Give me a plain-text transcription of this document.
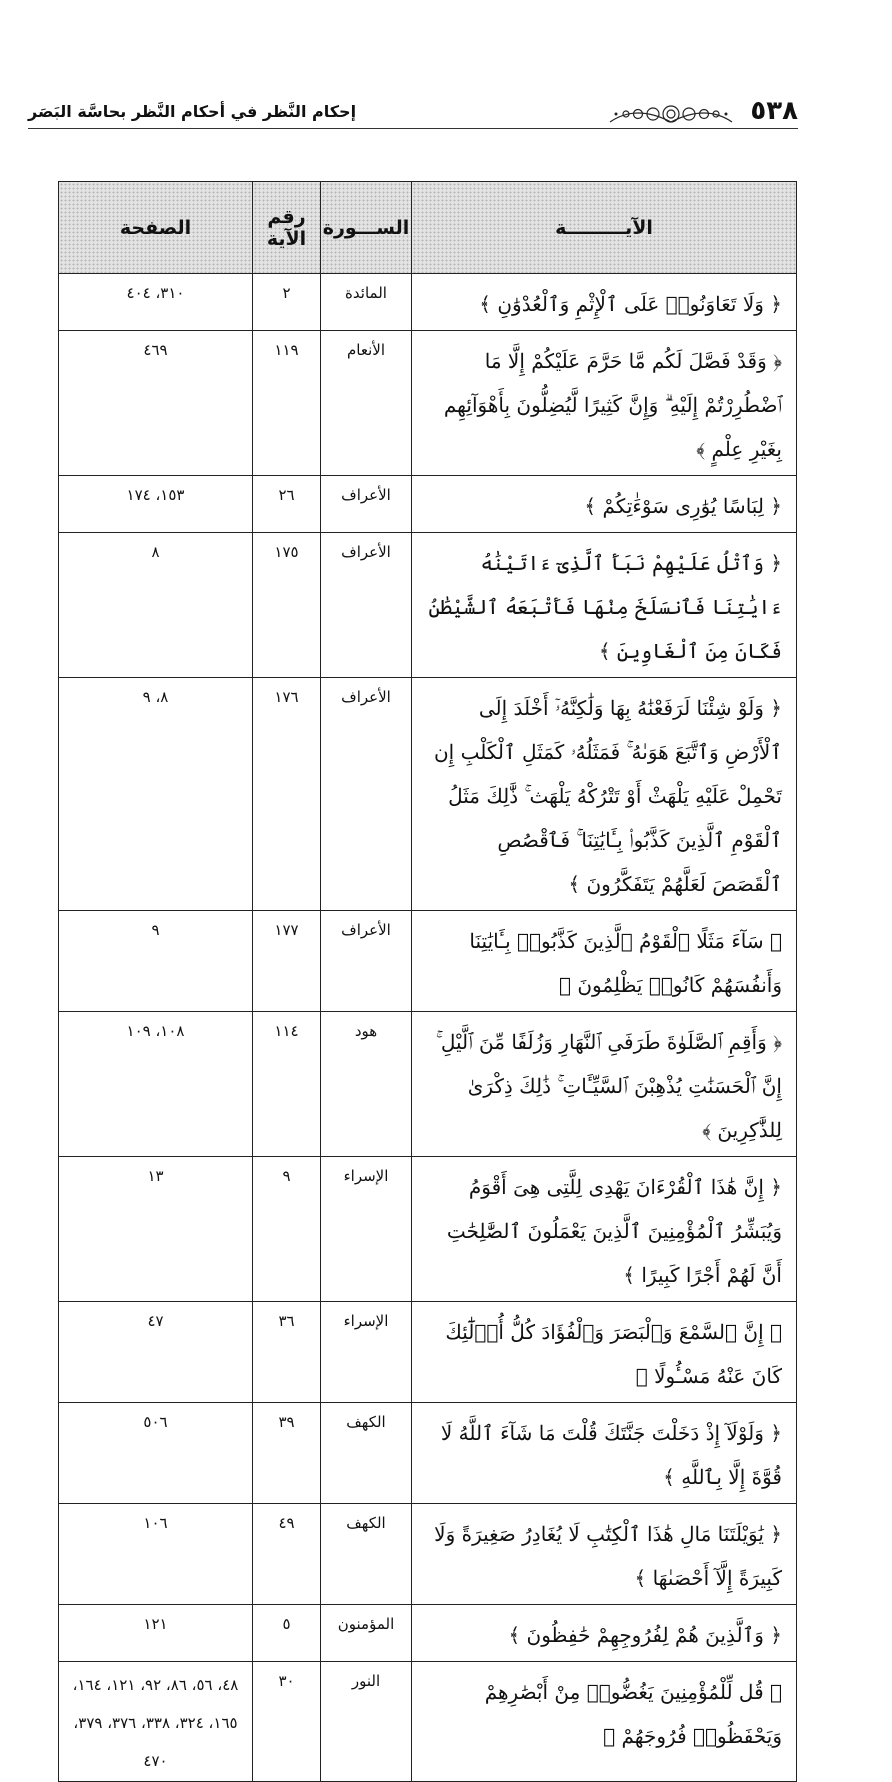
٥٣٨
إحكام النَّظر في أحكام النَّظر بحاسَّة البَصَر
الآيـــــــــة	الســـورة	رقم الآية	الصفحة
﴿ وَلَا تَعَاوَنُوا۟ عَلَى ٱلْإِثْمِ وَٱلْعُدْوَٰنِ ﴾	المائدة	٢	٣١٠، ٤٠٤
﴿ وَقَدْ فَصَّلَ لَكُم مَّا حَرَّمَ عَلَيْكُمْ إِلَّا مَا ٱضْطُرِرْتُمْ إِلَيْهِ ۗ وَإِنَّ كَثِيرًا لَّيُضِلُّونَ بِأَهْوَآئِهِم بِغَيْرِ عِلْمٍ ﴾	الأنعام	١١٩	٤٦٩
﴿ لِبَاسًا يُوَٰرِى سَوْءَٰتِكُمْ ﴾	الأعراف	٢٦	١٥٣، ١٧٤
﴿ وَٱتْلُ عَلَيْهِمْ نَبَأَ ٱلَّذِىٓ ءَاتَيْنَٰهُ ءَايَٰتِنَا فَٱنسَلَخَ مِنْهَا فَأَتْبَعَهُ ٱلشَّيْطَٰنُ فَكَانَ مِنَ ٱلْغَاوِينَ ﴾	الأعراف	١٧٥	٨
﴿ وَلَوْ شِئْنَا لَرَفَعْنَٰهُ بِهَا وَلَٰكِنَّهُۥٓ أَخْلَدَ إِلَى ٱلْأَرْضِ وَٱتَّبَعَ هَوَىٰهُ ۚ فَمَثَلُهُۥ كَمَثَلِ ٱلْكَلْبِ إِن تَحْمِلْ عَلَيْهِ يَلْهَثْ أَوْ تَتْرُكْهُ يَلْهَث ۚ ذَّٰلِكَ مَثَلُ ٱلْقَوْمِ ٱلَّذِينَ كَذَّبُوا۟ بِـَٔايَٰتِنَا ۚ فَٱقْصُصِ ٱلْقَصَصَ لَعَلَّهُمْ يَتَفَكَّرُونَ ﴾	الأعراف	١٧٦	٨، ٩
﴿ سَآءَ مَثَلًا ٱلْقَوْمُ ٱلَّذِينَ كَذَّبُوا۟ بِـَٔايَٰتِنَا وَأَنفُسَهُمْ كَانُوا۟ يَظْلِمُونَ ﴾	الأعراف	١٧٧	٩
﴿ وَأَقِمِ ٱلصَّلَوٰةَ طَرَفَىِ ٱلنَّهَارِ وَزُلَفًا مِّنَ ٱلَّيْلِ ۚ إِنَّ ٱلْحَسَنَٰتِ يُذْهِبْنَ ٱلسَّيِّـَٔاتِ ۚ ذَٰلِكَ ذِكْرَىٰ لِلذَّٰكِرِينَ ﴾	هود	١١٤	١٠٨، ١٠٩
﴿ إِنَّ هَٰذَا ٱلْقُرْءَانَ يَهْدِى لِلَّتِى هِىَ أَقْوَمُ وَيُبَشِّرُ ٱلْمُؤْمِنِينَ ٱلَّذِينَ يَعْمَلُونَ ٱلصَّٰلِحَٰتِ أَنَّ لَهُمْ أَجْرًا كَبِيرًا ﴾	الإسراء	٩	١٣
﴿ إِنَّ ٱلسَّمْعَ وَٱلْبَصَرَ وَٱلْفُؤَادَ كُلُّ أُو۟لَٰٓئِكَ كَانَ عَنْهُ مَسْـُٔولًا ﴾	الإسراء	٣٦	٤٧
﴿ وَلَوْلَآ إِذْ دَخَلْتَ جَنَّتَكَ قُلْتَ مَا شَآءَ ٱللَّهُ لَا قُوَّةَ إِلَّا بِٱللَّهِ ﴾	الكهف	٣٩	٥٠٦
﴿ يَٰوَيْلَتَنَا مَالِ هَٰذَا ٱلْكِتَٰبِ لَا يُغَادِرُ صَغِيرَةً وَلَا كَبِيرَةً إِلَّآ أَحْصَىٰهَا ﴾	الكهف	٤٩	١٠٦
﴿ وَٱلَّذِينَ هُمْ لِفُرُوجِهِمْ حَٰفِظُونَ ﴾	المؤمنون	٥	١٢١
﴿ قُل لِّلْمُؤْمِنِينَ يَغُضُّوا۟ مِنْ أَبْصَٰرِهِمْ وَيَحْفَظُوا۟ فُرُوجَهُمْ ﴾	النور	٣٠	٤٨، ٥٦، ٨٦، ٩٢، ١٢١، ١٦٤، ١٦٥، ٣٢٤، ٣٣٨، ٣٧٦، ٣٧٩، ٤٧٠
